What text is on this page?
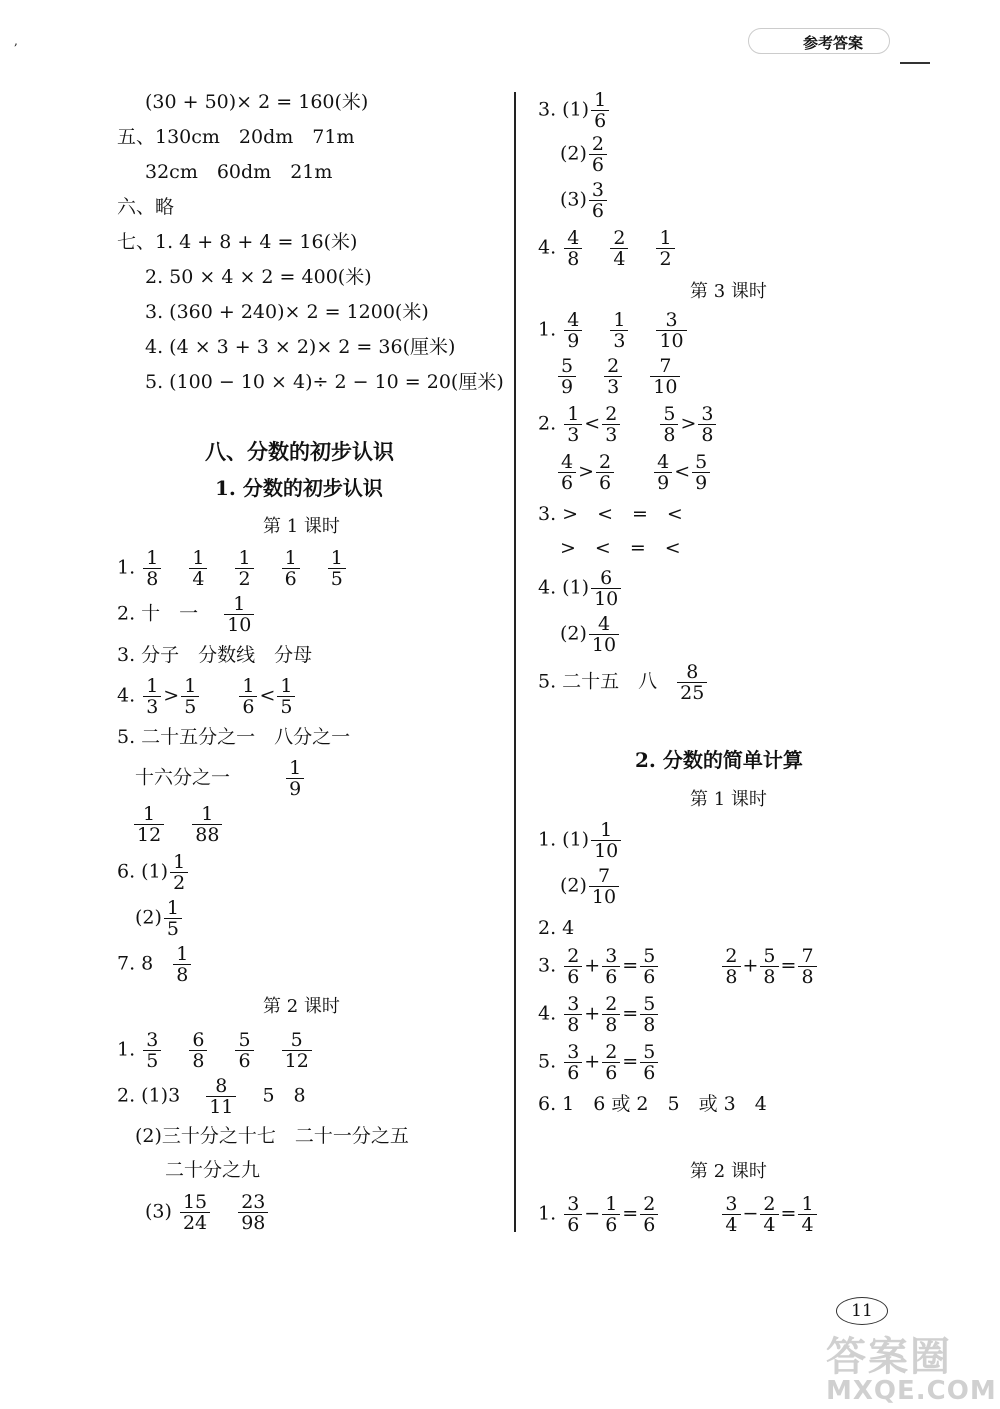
,	参考答案
(30 + 50)× 2 = 160(米)
五、130cm　20dm　71m
32cm　60dm　21m
六、略
七、1. 4 + 8 + 4 = 16(米)
2. 50 × 4 × 2 = 400(米)
3. (360 + 240)× 2 = 1200(米)
4. (4 × 3 + 3 × 2)× 2 = 36(厘米)
5. (100 − 10 × 4)÷ 2 − 10 = 20(厘米)
八、分数的初步认识
1. 分数的初步认识
第 1 课时
1. $\frac{1}{8}$
$\frac{1}{4}$
$\frac{1}{2}$
$\frac{1}{6}$
$\frac{1}{5}$
2. 十　一 $\frac{1}{10}$
3. 分子　分数线　分母
4. $\frac{1}{3} > \frac{1}{5}$
$\frac{1}{6} < \frac{1}{5}$
5. 二十五分之一　八分之一
十六分之一	$\frac{1}{9}$
$\frac{1}{12}$
$\frac{1}{88}$
6. $(1) \frac{1}{2}$
$(2) \frac{1}{5}$
7. $8 \frac{1}{8}$
第 2 课时
1. $\frac{3}{5}$
$\frac{6}{8}$
$\frac{5}{6}$
$\frac{5}{12}$
2. $(1)3 \frac{8}{11} 5$　8
(2)三十分之十七　二十一分之五
二十分之九
$(3) \frac{15}{24}$
$\frac{23}{98}$
3. $(1) \frac{1}{6}$
$(2) \frac{2}{6}$
$(3) \frac{3}{6}$
4. $\frac{4}{8}$
$\frac{2}{4}$
$\frac{1}{2}$
第 3 课时
1. $\frac{4}{9}$
$\frac{1}{3}$
$\frac{3}{10}$
$\frac{5}{9}$
$\frac{2}{3}$
$\frac{7}{10}$
2. $\frac{1}{3} < \frac{2}{3}$
$\frac{5}{8} > \frac{3}{8}$
$\frac{4}{6} > \frac{2}{6}$
$\frac{4}{9} < \frac{5}{9}$
3. >　<　=　<
>　<　=　<
4. $(1) \frac{6}{10}$
$(2) \frac{4}{10}$
5. 二十五　八 $\frac{8}{25}$
2. 分数的简单计算
第 1 课时
1. $(1) \frac{1}{10}$
$(2) \frac{7}{10}$
2. 4
3. $\frac{2}{6} + \frac{3}{6} = \frac{5}{6}$
	$\frac{2}{8} + \frac{5}{8} = \frac{7}{8}$
4. $\frac{3}{8} + \frac{2}{8} = \frac{5}{8}$
5. $\frac{3}{6} + \frac{2}{6} = \frac{5}{6}$
6. 1　6 或 2　5　或 3　4
第 2 课时
1. $\frac{3}{6} - \frac{1}{6} = \frac{2}{6}$
	$\frac{3}{4} - \frac{2}{4} = \frac{1}{4}$
11
答案圈
MXQE.COM
